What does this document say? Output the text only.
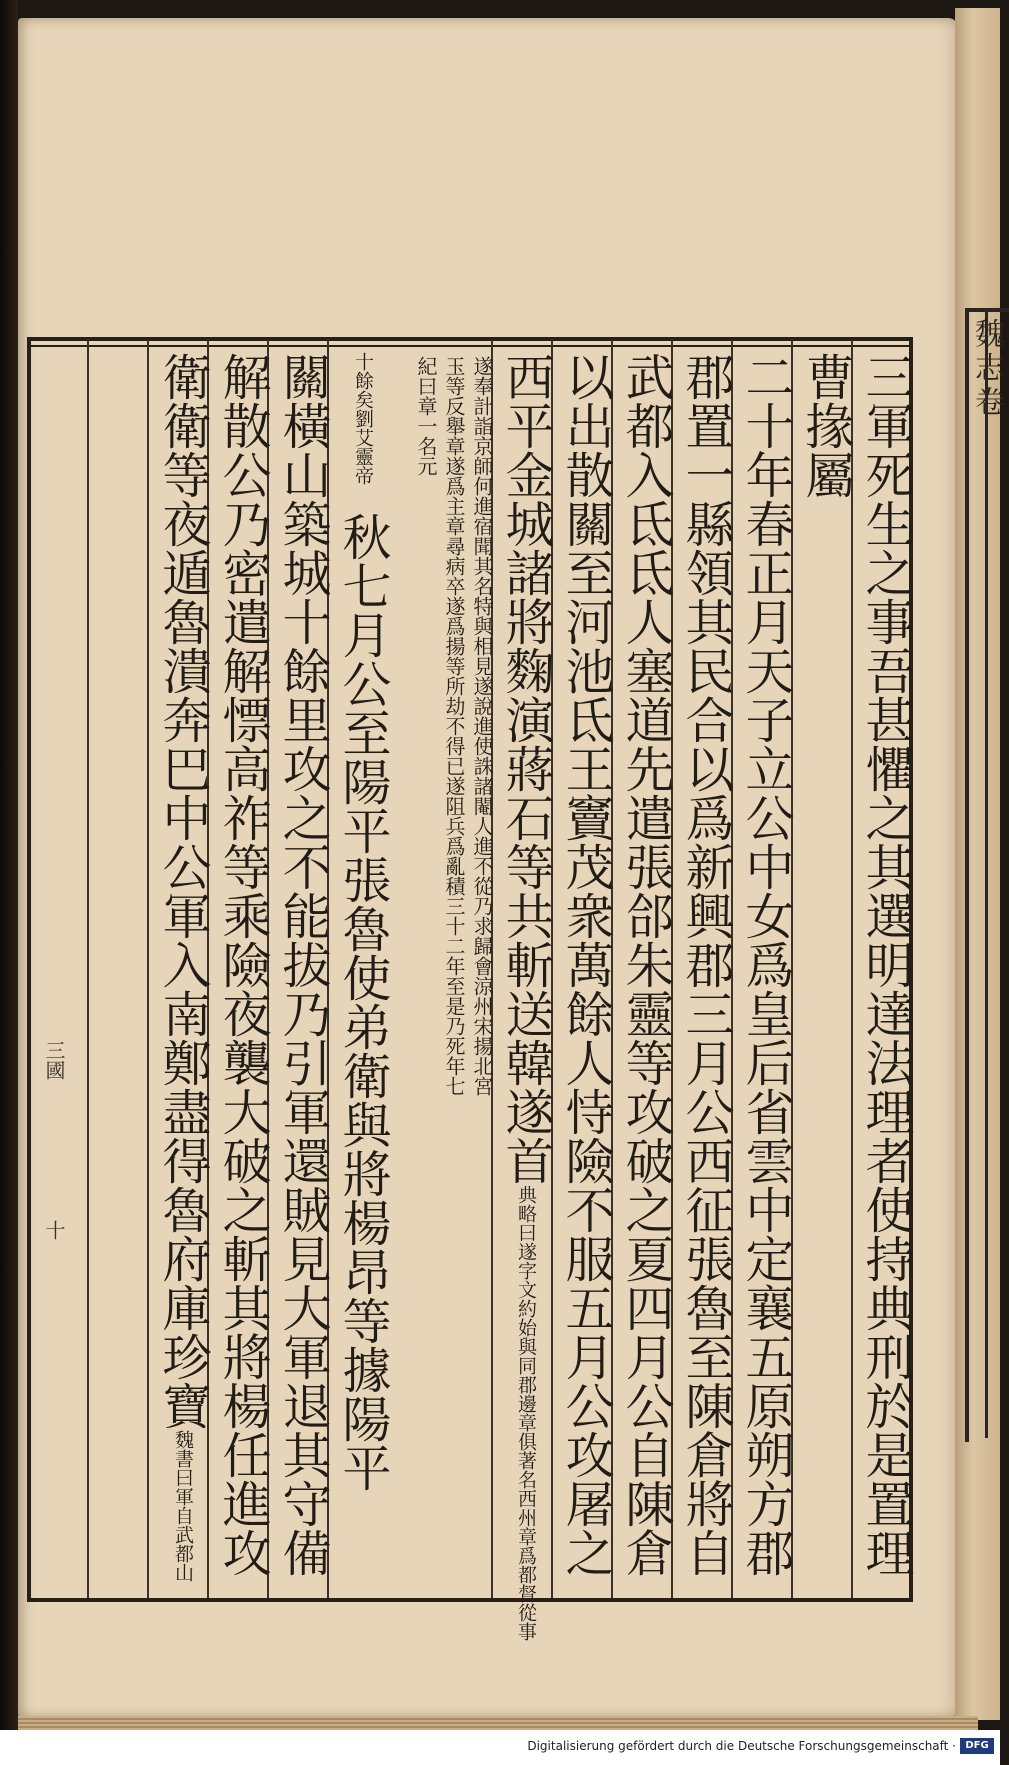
魏志卷
三軍死生之事吾甚懼之其選明達法理者使持典刑於是置理
曹掾屬
二十年春正月天子立公中女爲皇后省雲中定襄五原朔方郡
郡置一縣領其民合以爲新興郡三月公西征張魯至陳倉將自
武都入氐氐人塞道先遣張郃朱靈等攻破之夏四月公自陳倉
以出散關至河池氐王竇茂衆萬餘人恃險不服五月公攻屠之
西平金城諸將麴演蔣石等共斬送韓遂首典略曰遂字文約始與同郡邊章俱著名西州章爲都督從事
遂奉計詣京師何進宿聞其名特與相見遂說進使誅諸閹人進不從乃求歸會涼州宋揚北宮
玉等反舉章遂爲主章尋病卒遂爲揚等所劫不得已遂阻兵爲亂積三十二年至是乃死年七
十餘矣劉艾靈帝秋七月公至陽平張魯使弟衛與將楊昂等據陽平
紀曰章一名元
關橫山築城十餘里攻之不能拔乃引軍還賊見大軍退其守備
解散公乃密遣解慓高祚等乘險夜襲大破之斬其將楊任進攻
衛衛等夜遁魯潰奔巴中公軍入南鄭盡得魯府庫珍寶魏書曰軍自武都山
三國
十
Digitalisierung gefördert durch die Deutsche Forschungsgemeinschaft · DFG
